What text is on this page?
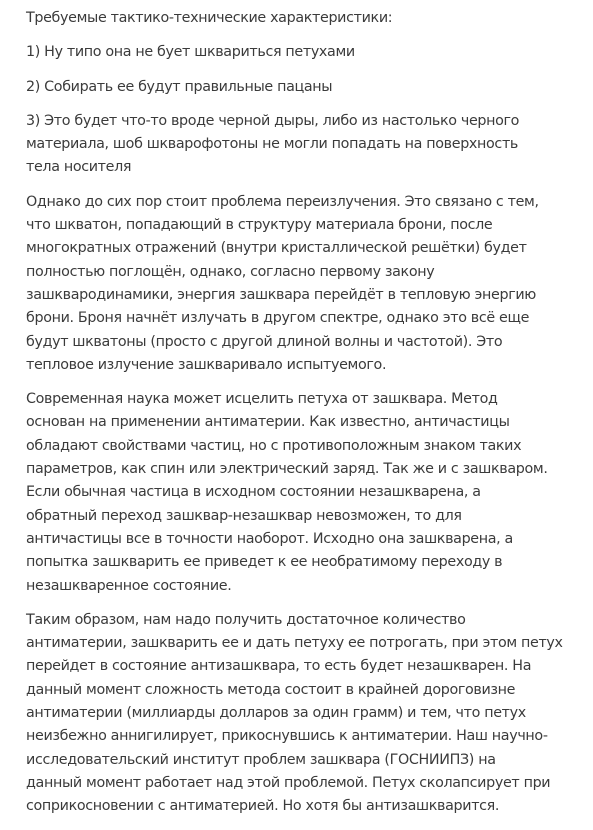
Требуемые тактико-технические характеристики:
1) Ну типо она не бует шквариться петухами
2) Собирать ее будут правильные пацаны
3) Это будет что-то вроде черной дыры, либо из настолько черного
материала, шоб шкварофотоны не могли попадать на поверхность
тела носителя
Однако до сих пор стоит проблема переизлучения. Это связано с тем,
что шкватон, попадающий в структуру материала брони, после
многократных отражений (внутри кристаллической решётки) будет
полностью поглощён, однако, согласно первому закону
зашквародинамики, энергия зашквара перейдёт в тепловую энергию
брони. Броня начнёт излучать в другом спектре, однако это всё еще
будут шкватоны (просто с другой длиной волны и частотой). Это
тепловое излучение зашкваривало испытуемого.
Современная наука может исцелить петуха от зашквара. Метод
основан на применении антиматерии. Как известно, античастицы
обладают свойствами частиц, но с противоположным знаком таких
параметров, как спин или электрический заряд. Так же и с зашкваром.
Если обычная частица в исходном состоянии незашкварена, а
обратный переход зашквар-незашквар невозможен, то для
античастицы все в точности наоборот. Исходно она зашкварена, а
попытка зашкварить ее приведет к ее необратимому переходу в
незашкваренное состояние.
Таким образом, нам надо получить достаточное количество
антиматерии, зашкварить ее и дать петуху ее потрогать, при этом петух
перейдет в состояние антизашквара, то есть будет незашкварен. На
данный момент сложность метода состоит в крайней дороговизне
антиматерии (миллиарды долларов за один грамм) и тем, что петух
неизбежно аннигилирует, прикоснувшись к антиматерии. Наш научно-
исследовательский институт проблем зашквара (ГОСНИИПЗ) на
данный момент работает над этой проблемой. Петух сколапсирует при
соприкосновении с антиматерией. Но хотя бы антизашкварится.
